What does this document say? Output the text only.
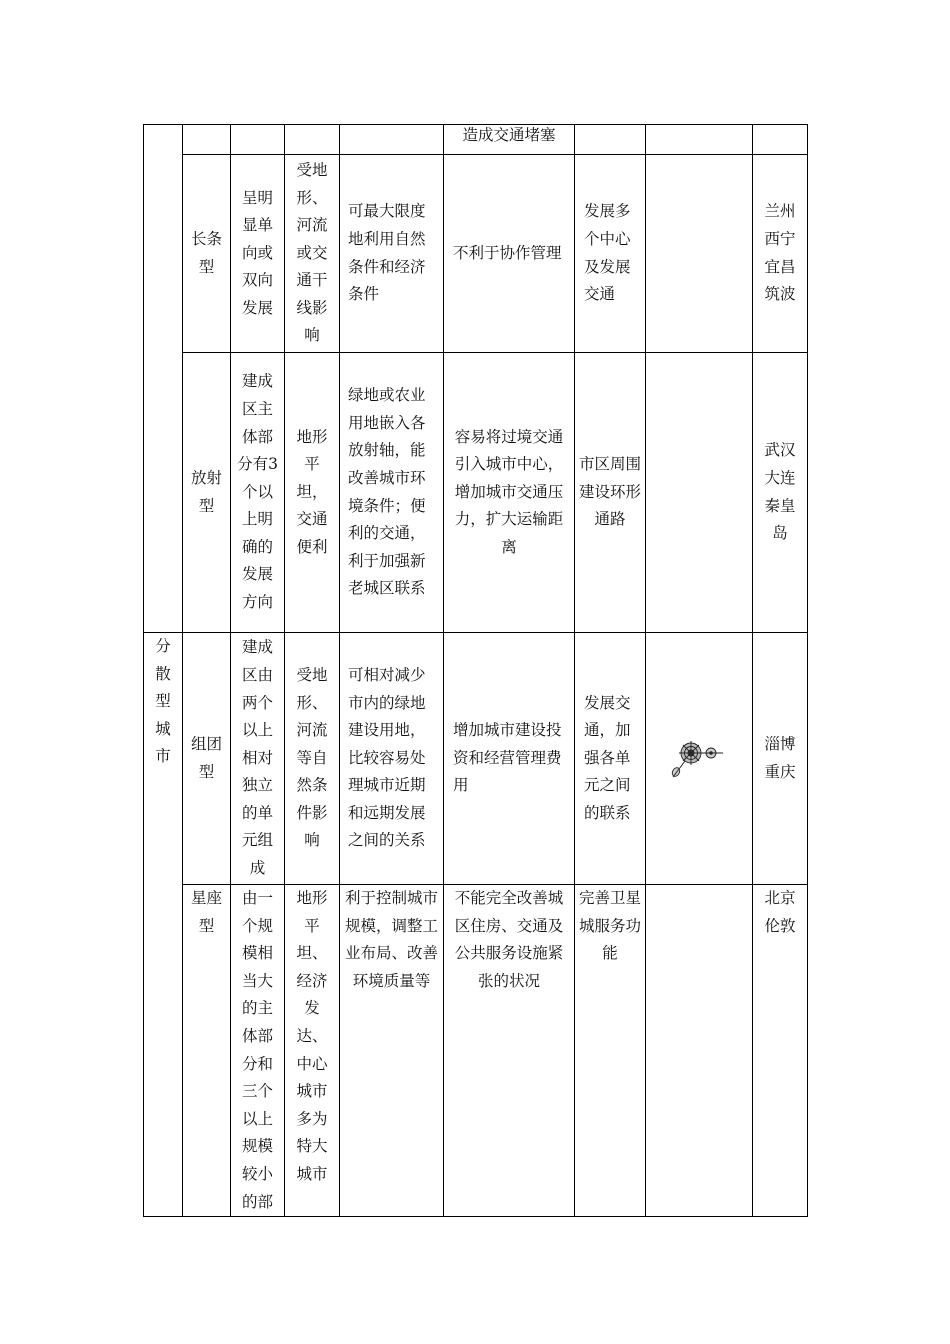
					造成交通堵塞			
	长条型	呈明显单向或双向发展	受地形、河流或交通干线影响	可最大限度地利用自然条件和经济条件	不利于协作管理	发展多个中心及发展交通		兰州西宁宜昌筑波
	放射型	建成区主体部分有3个以上明确的发展方向	地形平坦，交通便利	绿地或农业用地嵌入各放射轴，能改善城市环境条件；便利的交通，利于加强新老城区联系	容易将过境交通引入城市中心，增加城市交通压力，扩大运输距离	市区周围建设环形通路		武汉大连秦皇岛
分散型城市	组团型	建成区由两个以上相对独立的单元组成	受地形、河流等自然条件影响	可相对减少市内的绿地建设用地，比较容易处理城市近期和远期发展之间的关系	增加城市建设投资和经营管理费用	发展交通，加强各单元之间的联系		淄博重庆
	星座型	由一个规模相当大的主体部分和三个以上规模较小的部	地形平坦、经济发达、中心城市多为特大城市	利于控制城市规模，调整工业布局、改善环境质量等	不能完全改善城区住房、交通及公共服务设施紧张的状况	完善卫星城服务功能		北京伦敦
